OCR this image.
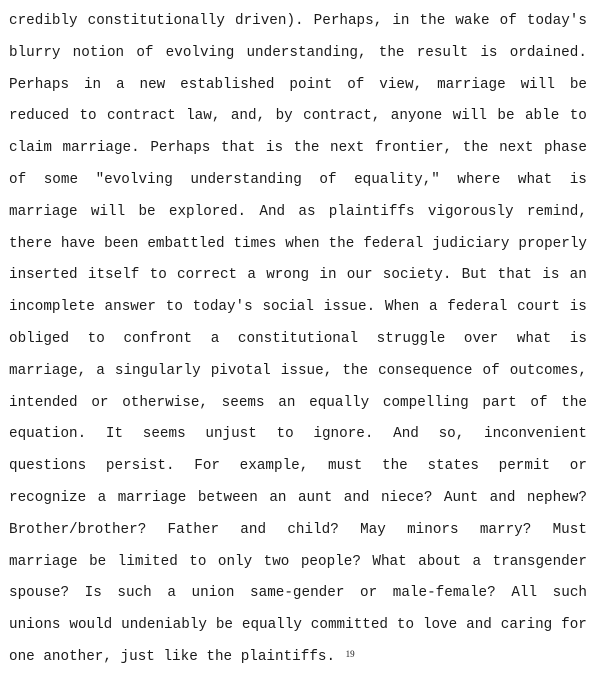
credibly constitutionally driven). Perhaps, in the wake of today's
blurry notion of evolving understanding, the result is ordained.
Perhaps in a new established point of view, marriage will be
reduced to contract law, and, by contract, anyone will be able to
claim marriage. Perhaps that is the next frontier, the next phase
of some "evolving understanding of equality," where what is
marriage will be explored. And as plaintiffs vigorously remind,
there have been embattled times when the federal judiciary properly
inserted itself to correct a wrong in our society. But that is an
incomplete answer to today's social issue. When a federal court is
obliged to confront a constitutional struggle over what is
marriage, a singularly pivotal issue, the consequence of outcomes,
intended or otherwise, seems an equally compelling part of the
equation. It seems unjust to ignore. And so, inconvenient
questions persist. For example, must the states permit or
recognize a marriage between an aunt and niece? Aunt and nephew?
Brother/brother? Father and child? May minors marry? Must
marriage be limited to only two people? What about a transgender
spouse? Is such a union same-gender or male-female? All such
unions would undeniably be equally committed to love and caring for
one another, just like the plaintiffs. $^{19}$
